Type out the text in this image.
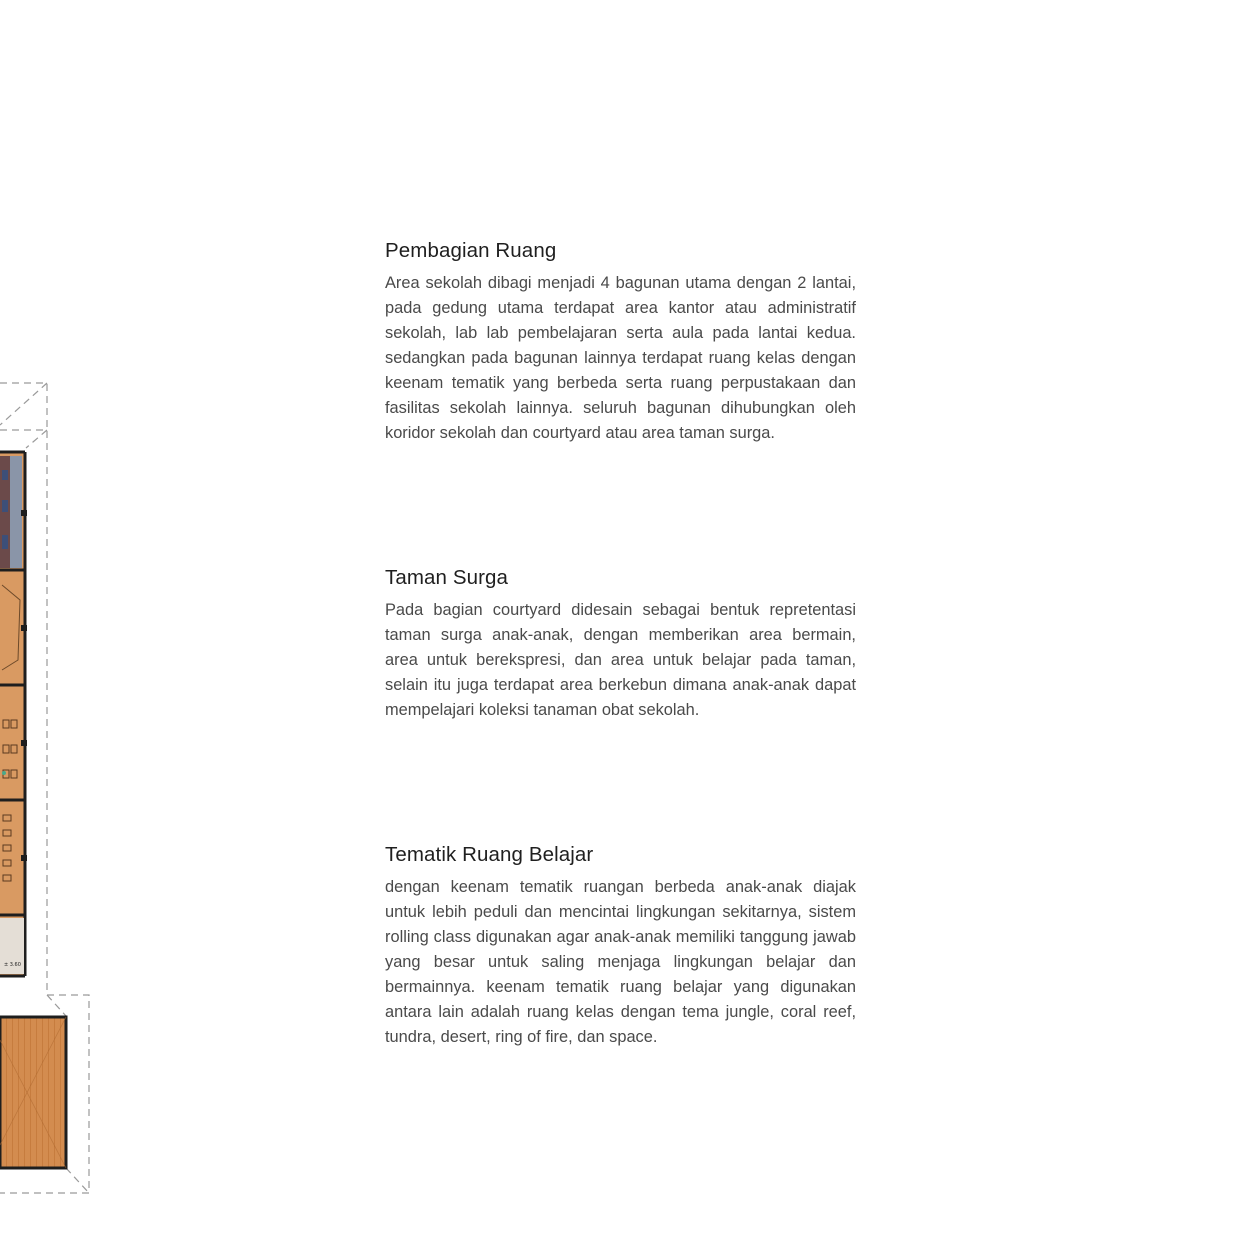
± 3.60
Pembagian Ruang

Area sekolah dibagi menjadi 4 bagunan utama dengan 2 lantai, pada gedung utama terdapat area kantor atau administratif sekolah, lab lab pembelajaran serta aula pada lantai kedua. sedangkan pada bagunan lainnya terdapat ruang kelas dengan keenam tematik yang berbeda serta ruang perpustakaan dan fasilitas sekolah lainnya. seluruh bagunan dihubungkan oleh koridor sekolah dan courtyard atau area taman surga.

Taman Surga

Pada bagian courtyard didesain sebagai bentuk repretentasi taman surga anak-anak, dengan memberikan area bermain, area untuk berekspresi, dan area untuk belajar pada taman, selain itu juga terdapat area berkebun dimana anak-anak dapat mempelajari koleksi tanaman obat sekolah.

Tematik Ruang Belajar

dengan keenam tematik ruangan berbeda anak-anak diajak untuk lebih peduli dan mencintai lingkungan sekitarnya, sistem rolling class digunakan agar anak-anak memiliki tanggung jawab yang besar untuk saling menjaga lingkungan belajar dan bermainnya. keenam tematik ruang belajar yang digunakan antara lain adalah ruang kelas dengan tema jungle, coral reef, tundra, desert, ring of fire, dan space.
